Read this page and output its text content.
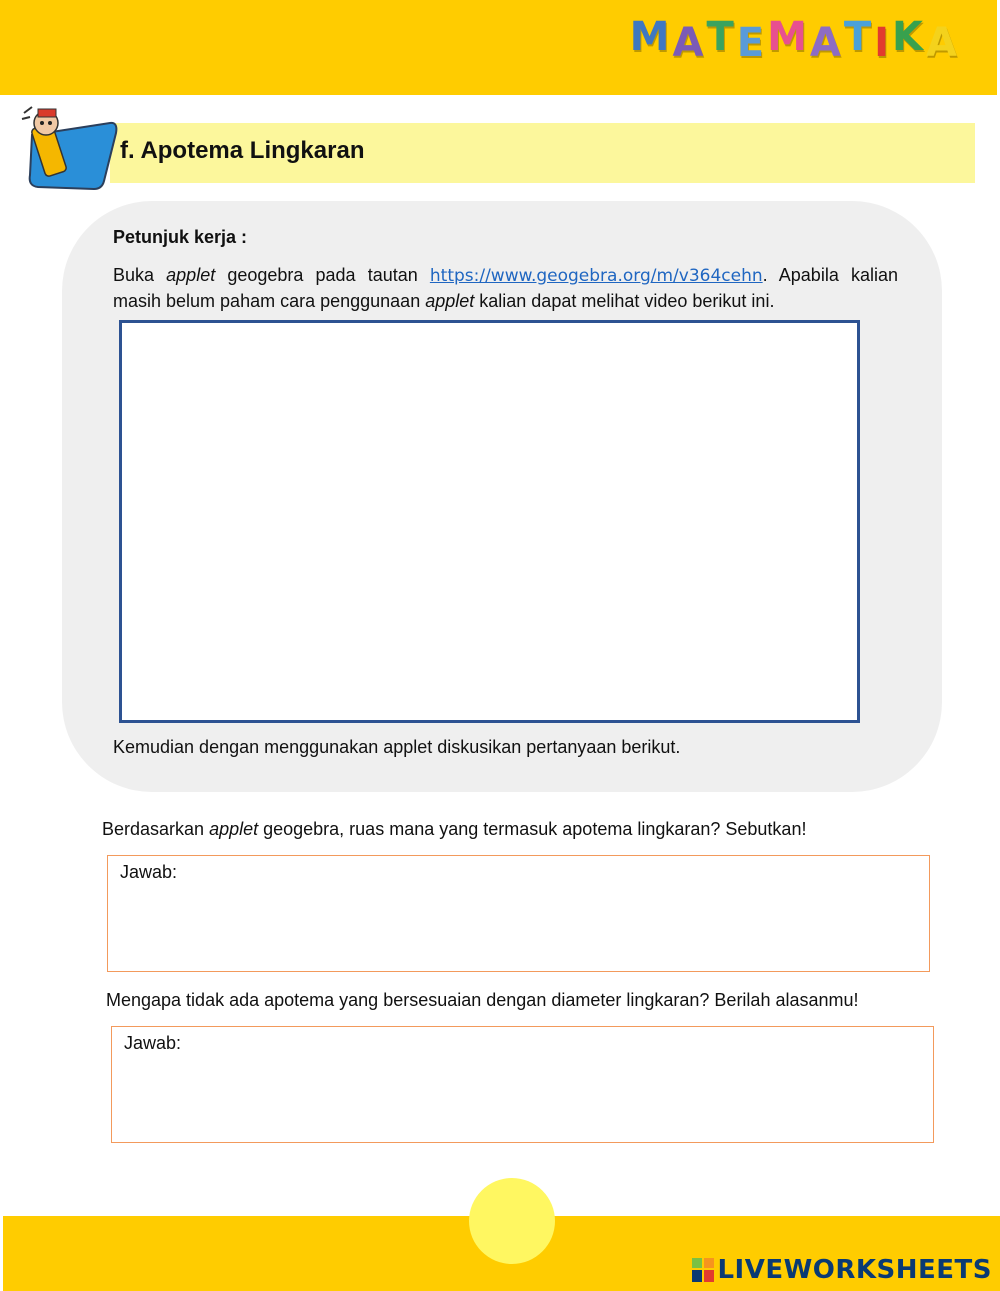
MATEMATIKA
f. Apotema Lingkaran
Petunjuk kerja :
Buka applet geogebra pada tautan https://www.geogebra.org/m/v364cehn. Apabila kalian masih belum paham cara penggunaan applet kalian dapat melihat video berikut ini.
Kemudian dengan menggunakan applet diskusikan pertanyaan berikut.
Berdasarkan applet geogebra, ruas mana yang termasuk apotema lingkaran? Sebutkan!
Jawab:
Mengapa tidak ada apotema yang bersesuaian dengan diameter lingkaran? Berilah alasanmu!
Jawab:
LIVEWORKSHEETS
